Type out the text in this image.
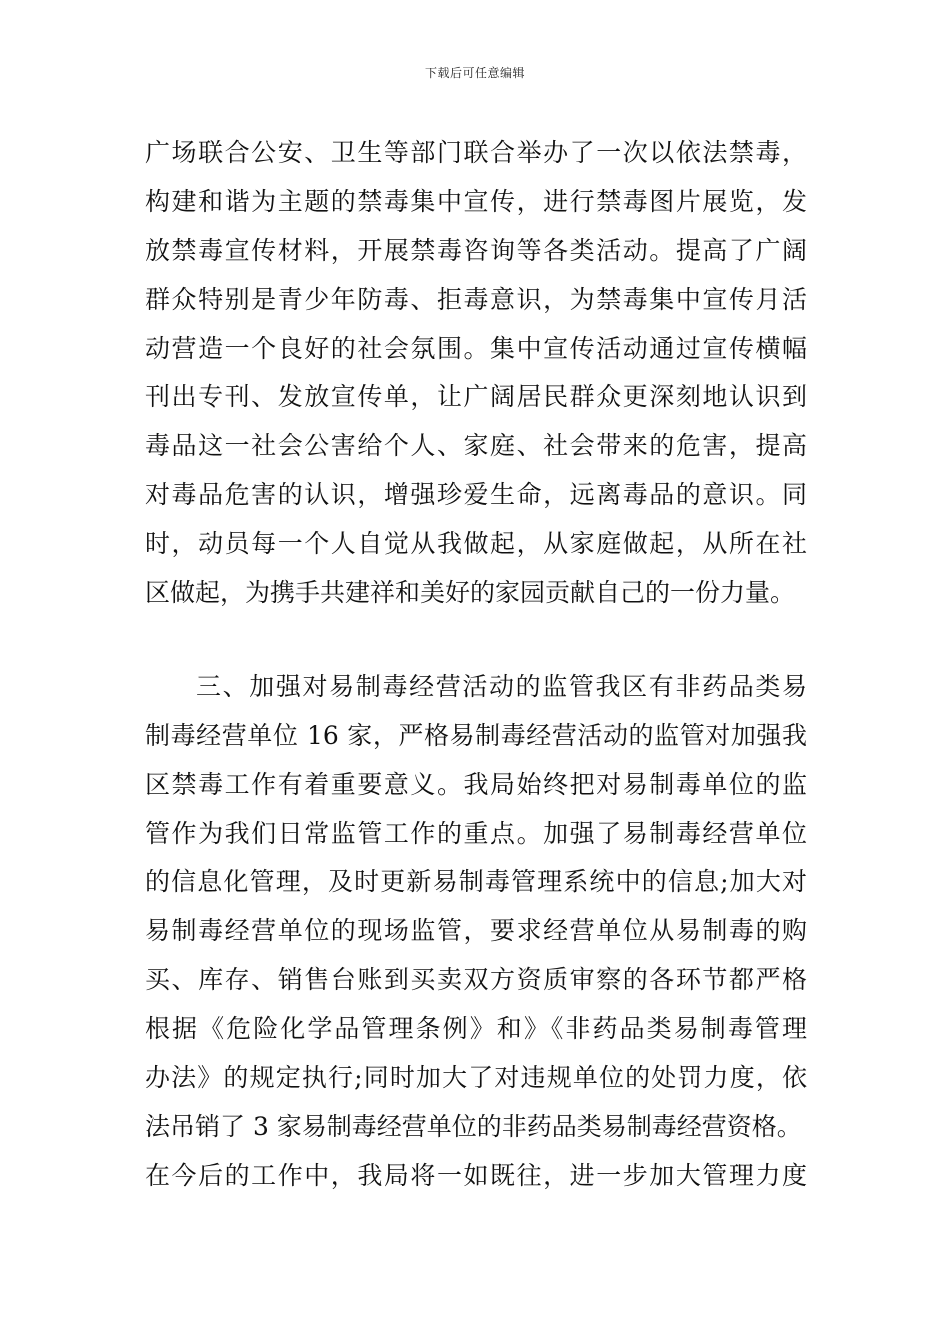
下载后可任意编辑
广场联合公安、卫生等部门联合举办了一次以依法禁毒，
构建和谐为主题的禁毒集中宣传，进行禁毒图片展览，发
放禁毒宣传材料，开展禁毒咨询等各类活动。提高了广阔
群众特别是青少年防毒、拒毒意识，为禁毒集中宣传月活
动营造一个良好的社会氛围。集中宣传活动通过宣传横幅
刊出专刊、发放宣传单，让广阔居民群众更深刻地认识到
毒品这一社会公害给个人、家庭、社会带来的危害，提高
对毒品危害的认识，增强珍爱生命，远离毒品的意识。同
时，动员每一个人自觉从我做起，从家庭做起，从所在社
区做起，为携手共建祥和美好的家园贡献自己的一份力量。
三、加强对易制毒经营活动的监管我区有非药品类易
制毒经营单位 16 家，严格易制毒经营活动的监管对加强我
区禁毒工作有着重要意义。我局始终把对易制毒单位的监
管作为我们日常监管工作的重点。加强了易制毒经营单位
的信息化管理，及时更新易制毒管理系统中的信息;加大对
易制毒经营单位的现场监管，要求经营单位从易制毒的购
买、库存、销售台账到买卖双方资质审察的各环节都严格
根据《危险化学品管理条例》和》《非药品类易制毒管理
办法》的规定执行;同时加大了对违规单位的处罚力度，依
法吊销了 3 家易制毒经营单位的非药品类易制毒经营资格。
在今后的工作中，我局将一如既往，进一步加大管理力度
